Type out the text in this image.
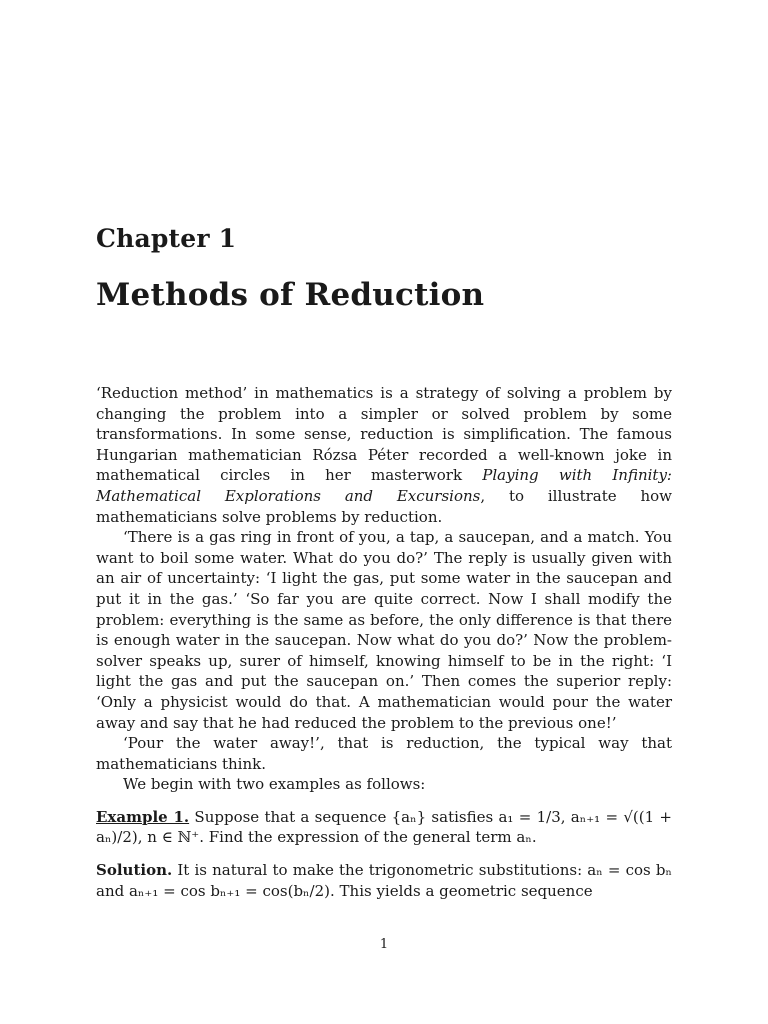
Chapter 1
Methods of Reduction

‘Reduction method’ in mathematics is a strategy of solving a problem by changing the problem into a simpler or solved problem by some transformations. In some sense, reduction is simplification. The famous Hungarian mathematician Rózsa Péter recorded a well-known joke in mathematical circles in her masterwork Playing with Infinity: Mathematical Explorations and Excursions, to illustrate how mathematicians solve problems by reduction.

‘There is a gas ring in front of you, a tap, a saucepan, and a match. You want to boil some water. What do you do?’ The reply is usually given with an air of uncertainty: ‘I light the gas, put some water in the saucepan and put it in the gas.’ ‘So far you are quite correct. Now I shall modify the problem: everything is the same as before, the only difference is that there is enough water in the saucepan. Now what do you do?’ Now the problem-solver speaks up, surer of himself, knowing himself to be in the right: ‘I light the gas and put the saucepan on.’ Then comes the superior reply: ‘Only a physicist would do that. A mathematician would pour the water away and say that he had reduced the problem to the previous one!’

‘Pour the water away!’, that is reduction, the typical way that mathematicians think.

We begin with two examples as follows:

Example 1. Suppose that a sequence {aₙ} satisfies a₁ = 1/3, aₙ₊₁ = √((1 + aₙ)/2), n ∈ ℕ⁺. Find the expression of the general term aₙ.

Solution. It is natural to make the trigonometric substitutions: aₙ = cos bₙ and aₙ₊₁ = cos bₙ₊₁ = cos(bₙ/2). This yields a geometric sequence

1
